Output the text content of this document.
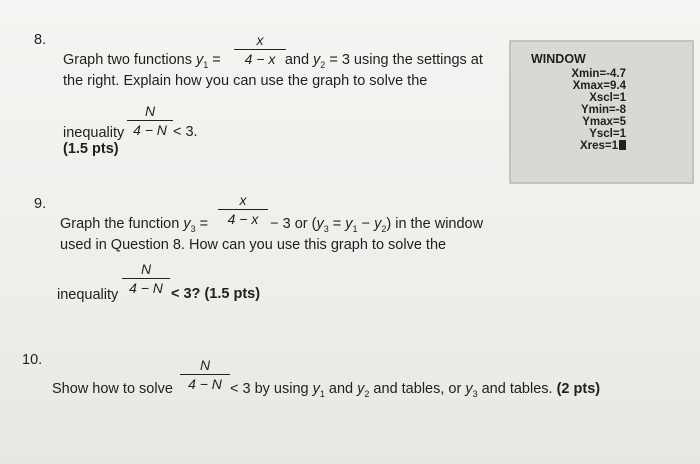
8.	x
4 − x
Graph two functions $y_1$ =	and $y_2 = 3$ using the settings at
the right. Explain how you can use the graph to solve the
N
4 − N
inequality	< 3.
(1.5 pts)
WINDOW
Xmin=-4.7
Xmax=9.4
Xscl=1
Ymin=-8
Ymax=5
Yscl=1
Xres=1
9.	x
4 − x
Graph the function $y_3$ =	− 3 or $(y_3 = y_1 - y_2)$ in the window
used in Question 8. How can you use this graph to solve the
N
4 − N
inequality	< 3? (1.5 pts)
10.	N
4 − N
Show how to solve	< 3 by using $y_1$ and $y_2$ and tables, or $y_3$ and tables. (2 pts)
